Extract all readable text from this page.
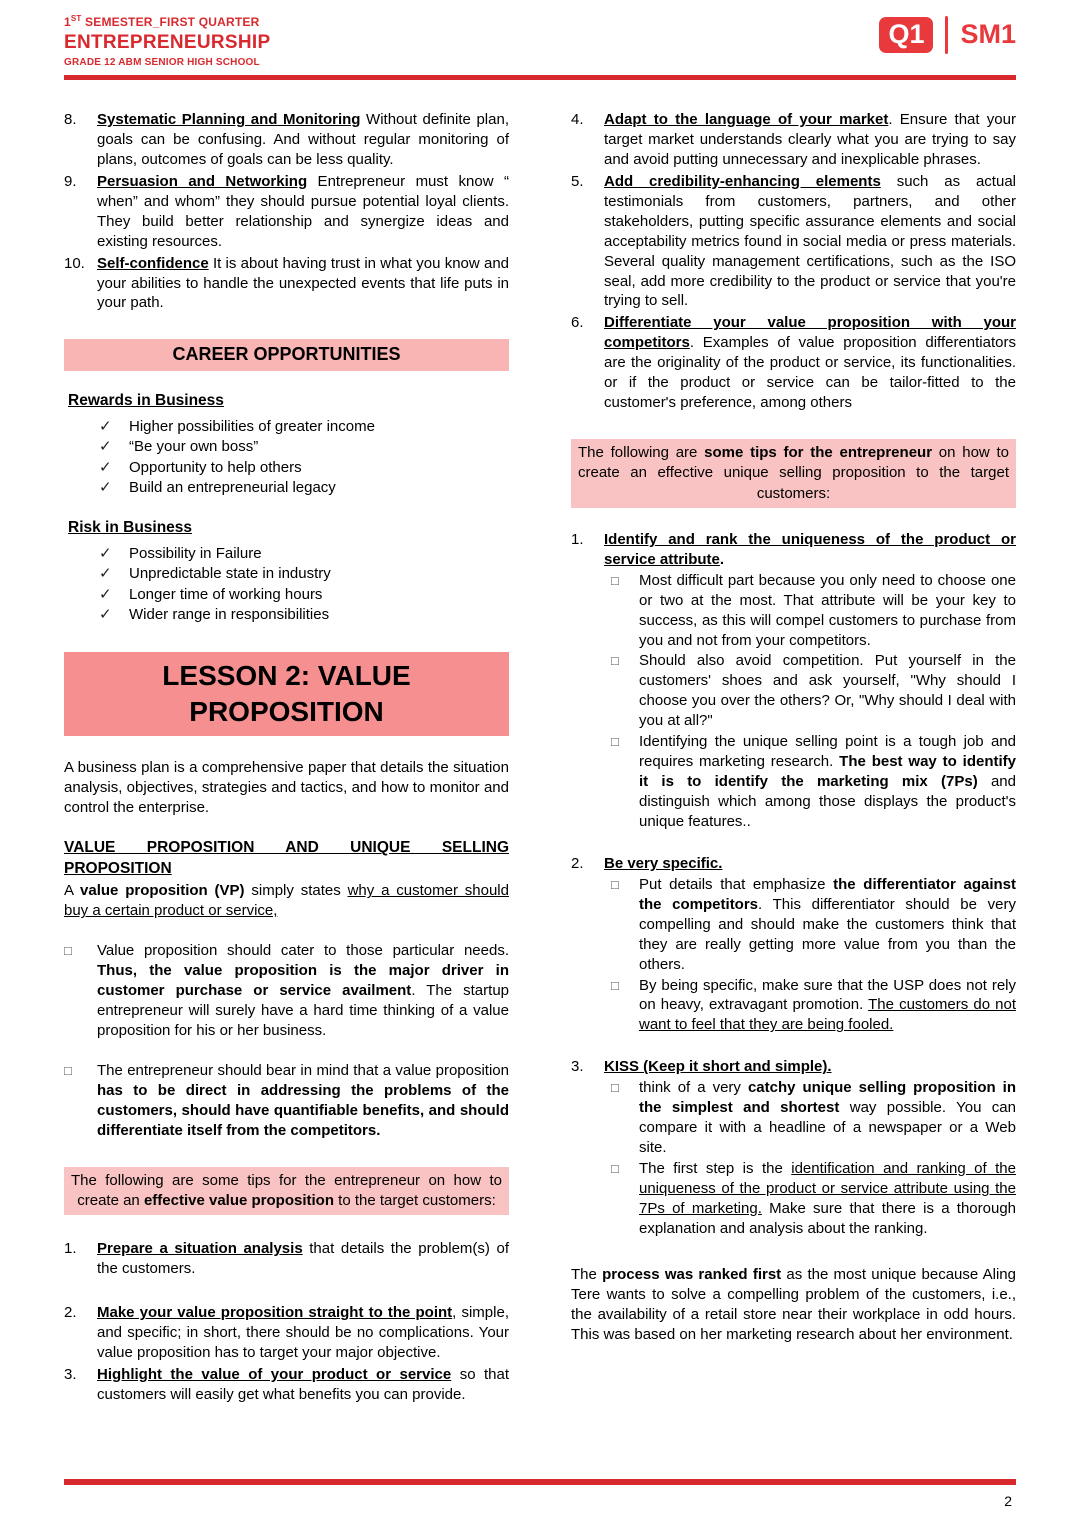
1ST SEMESTER_FIRST QUARTER
ENTREPRENEURSHIP
GRADE 12 ABM SENIOR HIGH SCHOOL
Q1	SM1
8.	Systematic Planning and Monitoring Without definite plan, goals can be confusing. And without regular monitoring of plans, outcomes of goals can be less quality.
9.	Persuasion and Networking Entrepreneur must know “ when” and whom” they should pursue potential loyal clients. They build better relationship and synergize ideas and existing resources.
10. Self-confidence It is about having trust in what you know and your abilities to handle the unexpected events that life puts in your path.
CAREER OPPORTUNITIES
Rewards in Business
✓	Higher possibilities of greater income
✓	“Be your own boss”
✓	Opportunity to help others
✓	Build an entrepreneurial legacy
Risk in Business
✓	Possibility in Failure
✓	Unpredictable state in industry
✓	Longer time of working hours
✓	Wider range in responsibilities
LESSON 2: VALUE PROPOSITION

A business plan is a comprehensive paper that details the situation analysis, objectives, strategies and tactics, and how to monitor and control the enterprise.

VALUE PROPOSITION AND UNIQUE SELLING PROPOSITION

A value proposition (VP) simply states why a customer should buy a certain product or service,

□	Value proposition should cater to those particular needs. Thus, the value proposition is the major driver in customer purchase or service availment. The startup entrepreneur will surely have a hard time thinking of a value proposition for his or her business.
□	The entrepreneur should bear in mind that a value proposition has to be direct in addressing the problems of the customers, should have quantifiable benefits, and should differentiate itself from the competitors.
The following are some tips for the entrepreneur on how to create an effective value proposition to the target customers:
1.	Prepare a situation analysis that details the problem(s) of the customers.
2.	Make your value proposition straight to the point, simple, and specific; in short, there should be no complications. Your value proposition has to target your major objective.
3.	Highlight the value of your product or service so that customers will easily get what benefits you can provide.
4.	Adapt to the language of your market. Ensure that your target market understands clearly what you are trying to say and avoid putting unnecessary and inexplicable phrases.
5.	Add credibility-enhancing elements such as actual testimonials from customers, partners, and other stakeholders, putting specific assurance elements and social acceptability metrics found in social media or press materials. Several quality management certifications, such as the ISO seal, add more credibility to the product or service that you're trying to sell.
6.	Differentiate your value proposition with your competitors. Examples of value proposition differentiators are the originality of the product or service, its functionalities. or if the product or service can be tailor-fitted to the customer's preference, among others
The following are some tips for the entrepreneur on how to create an effective unique selling proposition to the target customers:
1.	Identify and rank the uniqueness of the product or service attribute.
□	Most difficult part because you only need to choose one or two at the most. That attribute will be your key to success, as this will compel customers to purchase from you and not from your competitors.
□	Should also avoid competition. Put yourself in the customers' shoes and ask yourself, "Why should I choose you over the others? Or, "Why should I deal with you at all?"
□	Identifying the unique selling point is a tough job and requires marketing research. The best way to identify it is to identify the marketing mix (7Ps) and distinguish which among those displays the product's unique features..
2.	Be very specific.
□	Put details that emphasize the differentiator against the competitors. This differentiator should be very compelling and should make the customers think that they are really getting more value from you than the others.
□	By being specific, make sure that the USP does not rely on heavy, extravagant promotion. The customers do not want to feel that they are being fooled.
3.	KISS (Keep it short and simple).
□	think of a very catchy unique selling proposition in the simplest and shortest way possible. You can compare it with a headline of a newspaper or a Web site.
□	The first step is the identification and ranking of the uniqueness of the product or service attribute using the 7Ps of marketing. Make sure that there is a thorough explanation and analysis about the ranking.

The process was ranked first as the most unique because Aling Tere wants to solve a compelling problem of the customers, i.e., the availability of a retail store near their workplace in odd hours. This was based on her marketing research about her environment.

2
